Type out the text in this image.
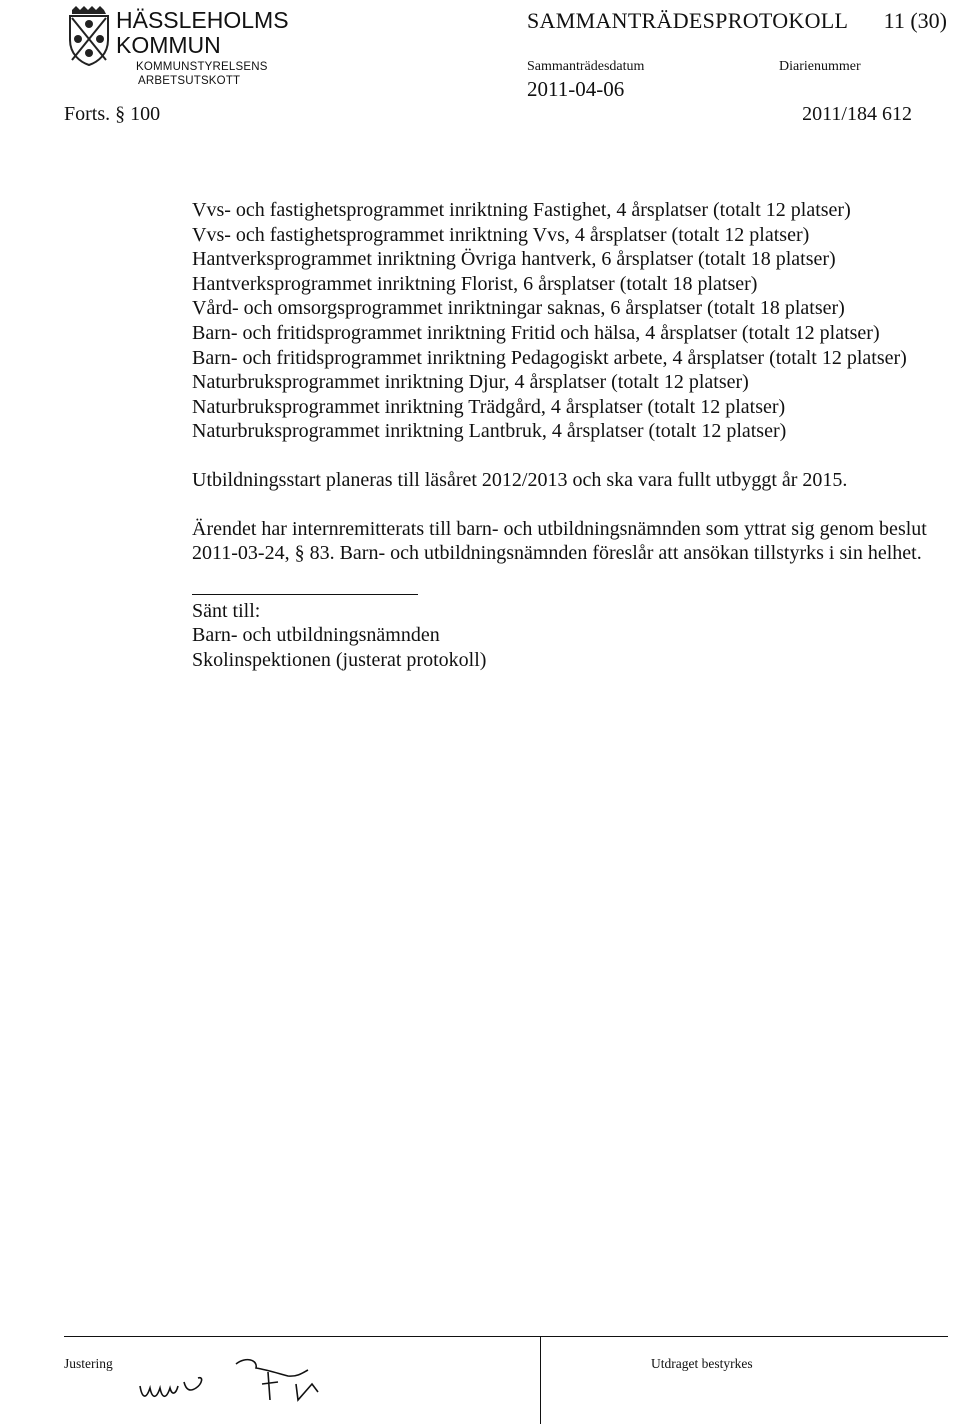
HÄSSLEHOLMS
KOMMUN
KOMMUNSTYRELSENS
ARBETSUTSKOTT
SAMMANTRÄDESPROTOKOLL 11 (30)
Sammanträdesdatum
2011-04-06
Diarienummer
Forts. § 100	2011/184 612

Vvs- och fastighetsprogrammet inriktning Fastighet, 4 årsplatser (totalt 12 platser)

Vvs- och fastighetsprogrammet inriktning Vvs, 4 årsplatser (totalt 12 platser)

Hantverksprogrammet inriktning Övriga hantverk, 6 årsplatser (totalt 18 platser)

Hantverksprogrammet inriktning Florist, 6 årsplatser (totalt 18 platser)

Vård- och omsorgsprogrammet inriktningar saknas, 6 årsplatser (totalt 18 platser)

Barn- och fritidsprogrammet inriktning Fritid och hälsa, 4 årsplatser (totalt 12 platser)

Barn- och fritidsprogrammet inriktning Pedagogiskt arbete, 4 årsplatser (totalt 12 platser)

Naturbruksprogrammet inriktning Djur, 4 årsplatser (totalt 12 platser)

Naturbruksprogrammet inriktning Trädgård, 4 årsplatser (totalt 12 platser)

Naturbruksprogrammet inriktning Lantbruk, 4 årsplatser (totalt 12 platser)

Utbildningsstart planeras till läsåret 2012/2013 och ska vara fullt utbyggt år 2015.

Ärendet har internremitterats till barn- och utbildningsnämnden som yttrat sig genom beslut 2011-03-24, § 83. Barn- och utbildningsnämnden föreslår att ansökan tillstyrks i sin helhet.

Sänt till:

Barn- och utbildningsnämnden

Skolinspektionen (justerat protokoll)

Justering	Utdraget bestyrkes
